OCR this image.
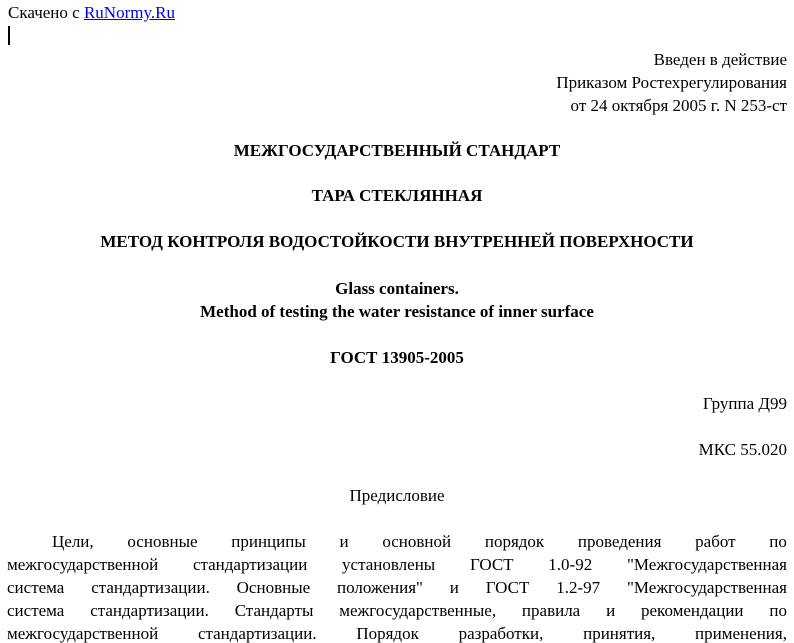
Скачено с RuNormy.Ru
Введен в действие
Приказом Ростехрегулирования
от 24 октября 2005 г. N 253-ст
МЕЖГОСУДАРСТВЕННЫЙ СТАНДАРТ
ТАРА СТЕКЛЯННАЯ
МЕТОД КОНТРОЛЯ ВОДОСТОЙКОСТИ ВНУТРЕННЕЙ ПОВЕРХНОСТИ
Glass containers.
Method of testing the water resistance of inner surface
ГОСТ 13905-2005
Группа Д99
МКС 55.020
Предисловие
Цели, основные принципы и основной порядок проведения работ по
межгосударственной стандартизации установлены ГОСТ 1.0-92 "Межгосударственная
система стандартизации. Основные положения" и ГОСТ 1.2-97 "Межгосударственная
система стандартизации. Стандарты межгосударственные, правила и рекомендации по
межгосударственной стандартизации. Порядок разработки, принятия, применения,
